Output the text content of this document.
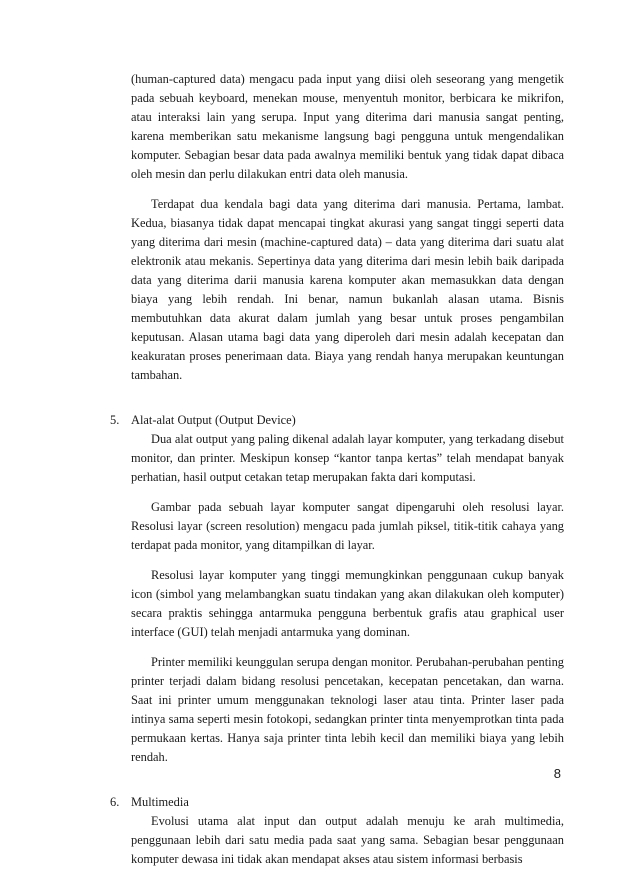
(human-captured data) mengacu pada input yang diisi oleh seseorang yang mengetik pada sebuah keyboard, menekan mouse, menyentuh monitor, berbicara ke mikrifon, atau interaksi lain yang serupa. Input yang diterima dari manusia sangat penting, karena memberikan satu mekanisme langsung bagi pengguna untuk mengendalikan komputer. Sebagian besar data pada awalnya memiliki bentuk yang tidak dapat dibaca oleh mesin dan perlu dilakukan entri data oleh manusia.

Terdapat dua kendala bagi data yang diterima dari manusia. Pertama, lambat. Kedua, biasanya tidak dapat mencapai tingkat akurasi yang sangat tinggi seperti data yang diterima dari mesin (machine-captured data) – data yang diterima dari suatu alat elektronik atau mekanis. Sepertinya data yang diterima dari mesin lebih baik daripada data yang diterima darii manusia karena komputer akan memasukkan data dengan biaya yang lebih rendah. Ini benar, namun bukanlah alasan utama. Bisnis membutuhkan data akurat dalam jumlah yang besar untuk proses pengambilan keputusan. Alasan utama bagi data yang diperoleh dari mesin adalah kecepatan dan keakuratan proses penerimaan data. Biaya yang rendah hanya merupakan keuntungan tambahan.

5. Alat-alat Output (Output Device)

Dua alat output yang paling dikenal adalah layar komputer, yang terkadang disebut monitor, dan printer. Meskipun konsep “kantor tanpa kertas” telah mendapat banyak perhatian, hasil output cetakan tetap merupakan fakta dari komputasi.

Gambar pada sebuah layar komputer sangat dipengaruhi oleh resolusi layar. Resolusi layar (screen resolution) mengacu pada jumlah piksel, titik-titik cahaya yang terdapat pada monitor, yang ditampilkan di layar.

Resolusi layar komputer yang tinggi memungkinkan penggunaan cukup banyak icon (simbol yang melambangkan suatu tindakan yang akan dilakukan oleh komputer) secara praktis sehingga antarmuka pengguna berbentuk grafis atau graphical user interface (GUI) telah menjadi antarmuka yang dominan.

Printer memiliki keunggulan serupa dengan monitor. Perubahan-perubahan penting printer terjadi dalam bidang resolusi pencetakan, kecepatan pencetakan, dan warna. Saat ini printer umum menggunakan teknologi laser atau tinta. Printer laser pada intinya sama seperti mesin fotokopi, sedangkan printer tinta menyemprotkan tinta pada permukaan kertas. Hanya saja printer tinta lebih kecil dan memiliki biaya yang lebih rendah.

6. Multimedia

Evolusi utama alat input dan output adalah menuju ke arah multimedia, penggunaan lebih dari satu media pada saat yang sama. Sebagian besar penggunaan komputer dewasa ini tidak akan mendapat akses atau sistem informasi berbasis

8
